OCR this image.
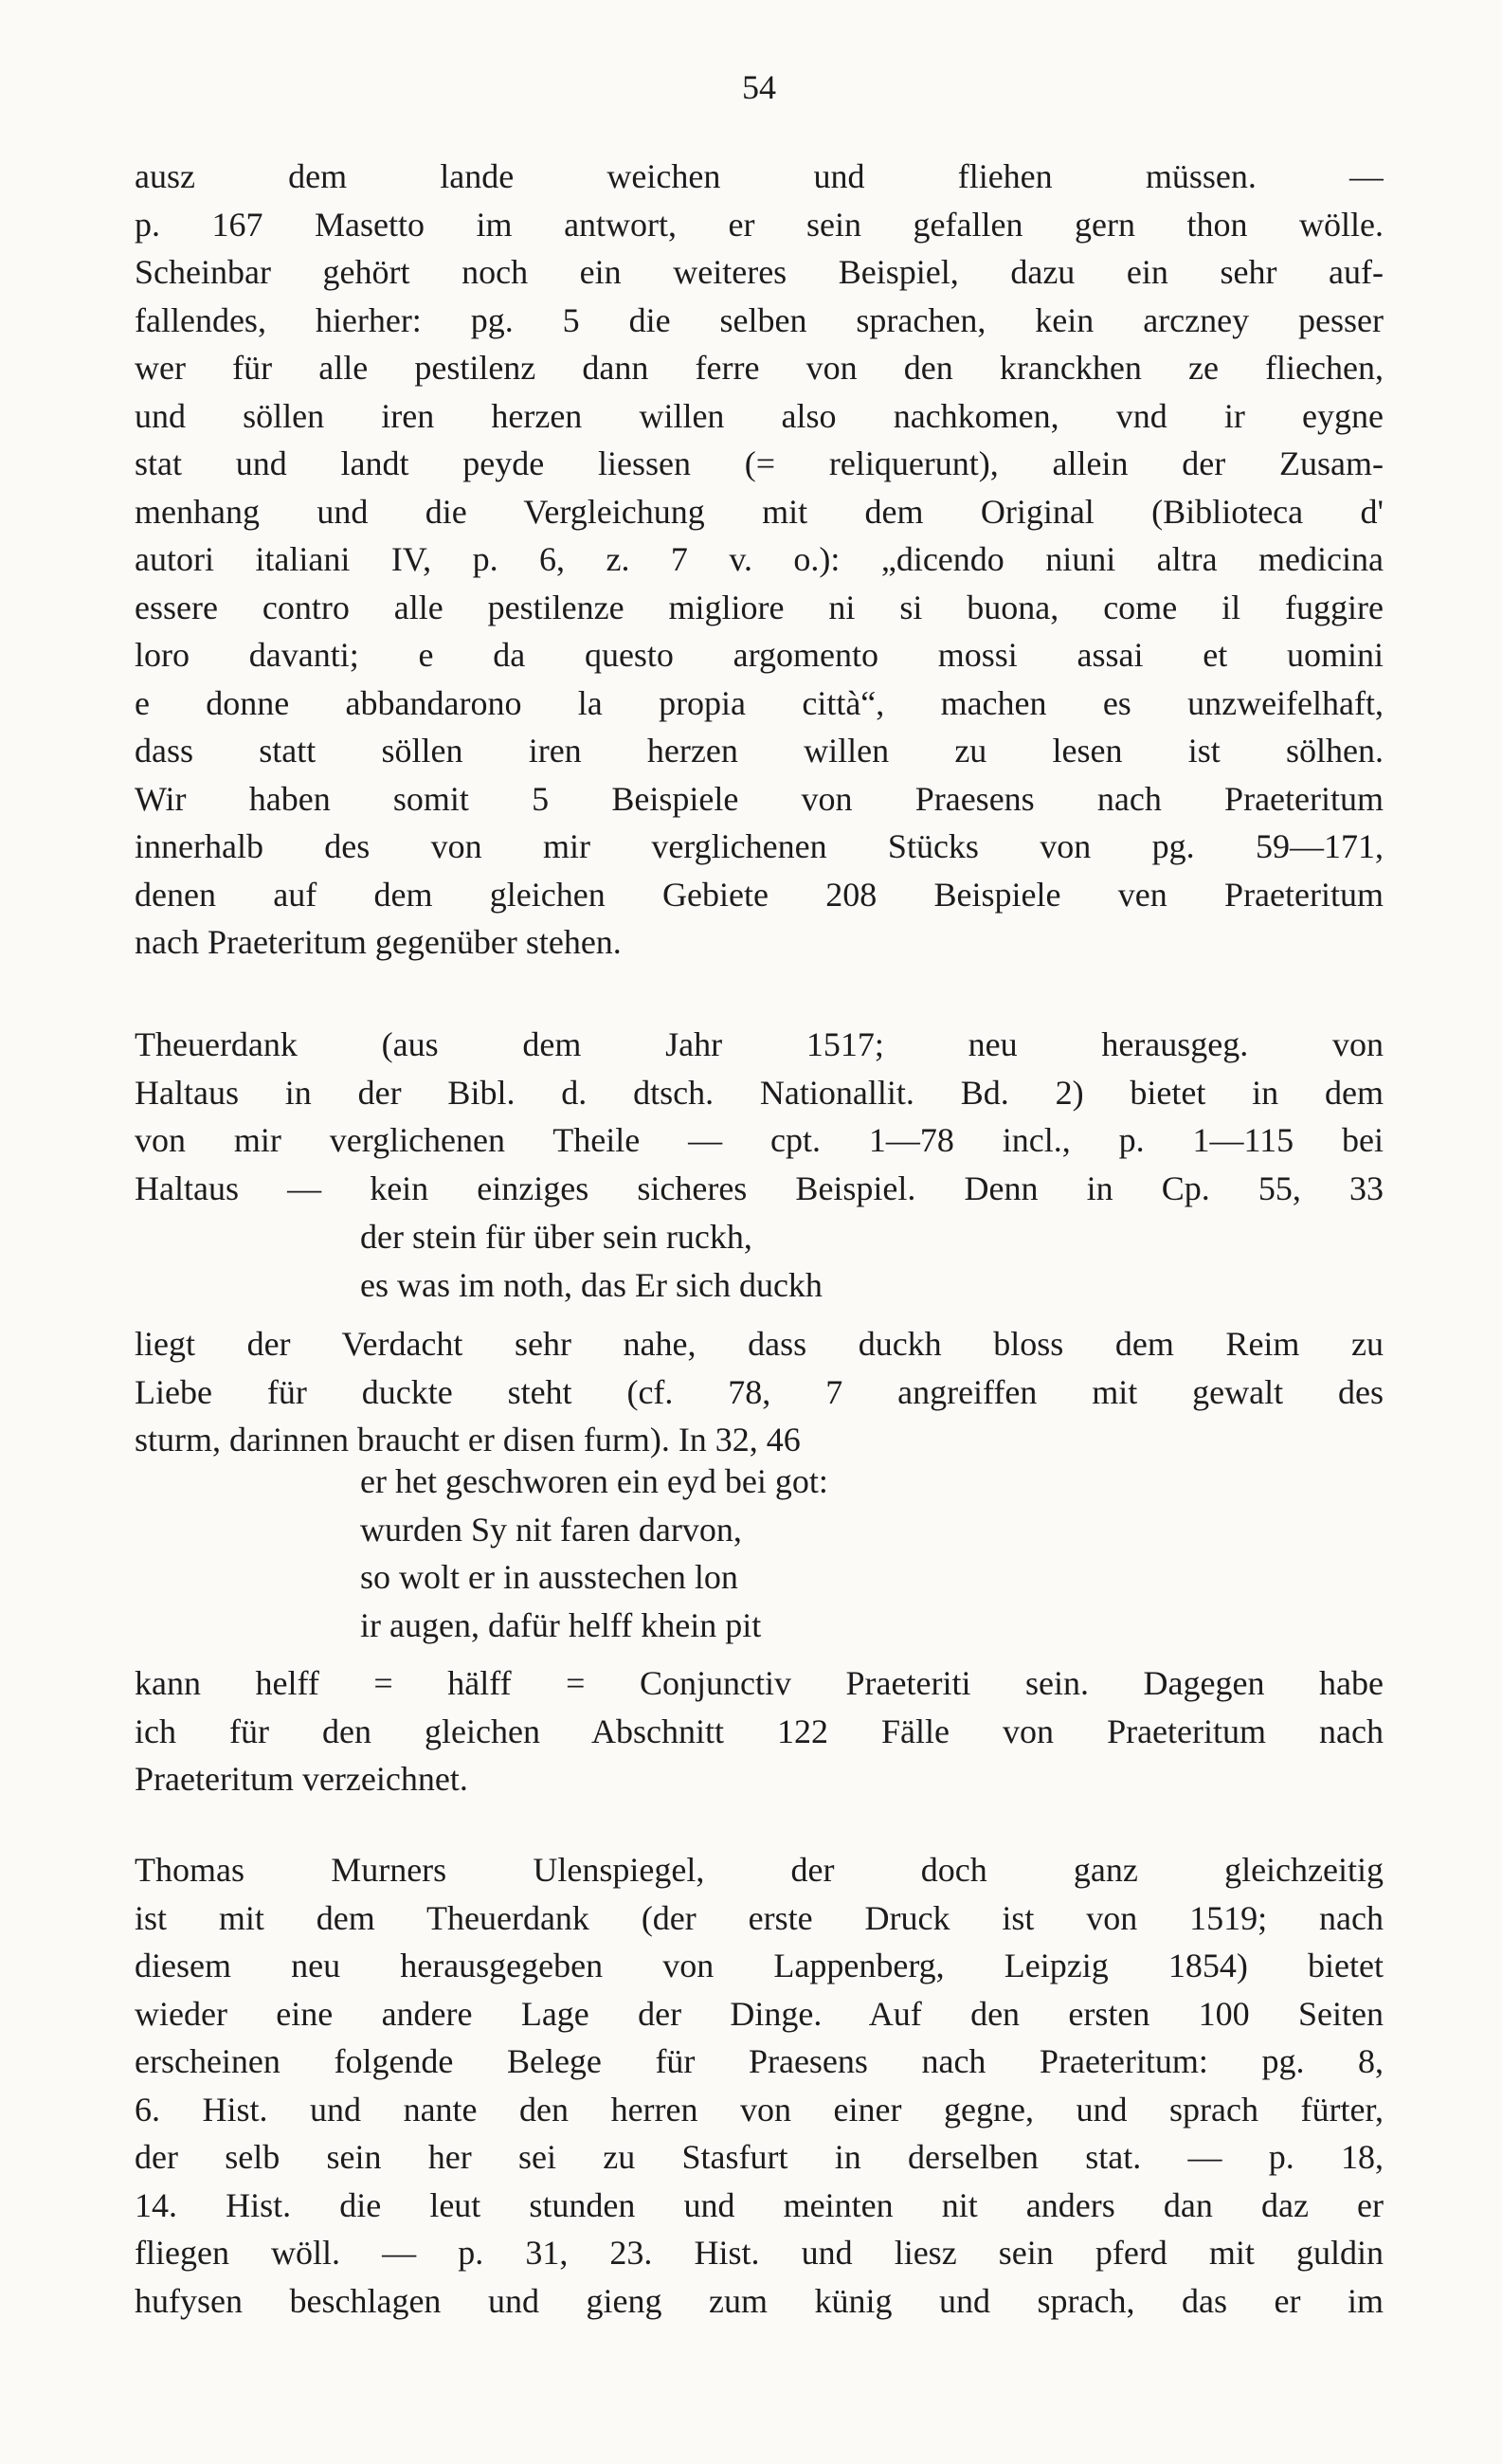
54
ausz dem lande weichen und fliehen müssen. —
p. 167 Masetto im antwort, er sein gefallen gern thon wölle.
Scheinbar gehört noch ein weiteres Beispiel, dazu ein sehr auf-
fallendes, hierher: pg. 5 die selben sprachen, kein arczney pesser
wer für alle pestilenz dann ferre von den kranckhen ze fliechen,
und söllen iren herzen willen also nachkomen, vnd ir eygne
stat und landt peyde liessen (= reliquerunt), allein der Zusam-
menhang und die Vergleichung mit dem Original (Biblioteca d'
autori italiani IV, p. 6, z. 7 v. o.): „dicendo niuni altra medicina
essere contro alle pestilenze migliore ni si buona, come il fuggire
loro davanti; e da questo argomento mossi assai et uomini
e donne abbandarono la propia città“, machen es unzweifelhaft,
dass statt söllen iren herzen willen zu lesen ist sölhen.
Wir haben somit 5 Beispiele von Praesens nach Praeteritum
innerhalb des von mir verglichenen Stücks von pg. 59—171,
denen auf dem gleichen Gebiete 208 Beispiele ven Praeteritum
nach Praeteritum gegenüber stehen.
Theuerdank (aus dem Jahr 1517; neu herausgeg. von
Haltaus in der Bibl. d. dtsch. Nationallit. Bd. 2) bietet in dem
von mir verglichenen Theile — cpt. 1—78 incl., p. 1—115 bei
Haltaus — kein einziges sicheres Beispiel. Denn in Cp. 55, 33
der stein für über sein ruckh,
es was im noth, das Er sich duckh
liegt der Verdacht sehr nahe, dass duckh bloss dem Reim zu
Liebe für duckte steht (cf. 78, 7 angreiffen mit gewalt des
sturm, darinnen braucht er disen furm). In 32, 46
er het geschworen ein eyd bei got:
wurden Sy nit faren darvon,
so wolt er in ausstechen lon
ir augen, dafür helff khein pit
kann helff = hälff = Conjunctiv Praeteriti sein. Dagegen habe
ich für den gleichen Abschnitt 122 Fälle von Praeteritum nach
Praeteritum verzeichnet.
Thomas Murners Ulenspiegel, der doch ganz gleichzeitig
ist mit dem Theuerdank (der erste Druck ist von 1519; nach
diesem neu herausgegeben von Lappenberg, Leipzig 1854) bietet
wieder eine andere Lage der Dinge. Auf den ersten 100 Seiten
erscheinen folgende Belege für Praesens nach Praeteritum: pg. 8,
6. Hist. und nante den herren von einer gegne, und sprach fürter,
der selb sein her sei zu Stasfurt in derselben stat. — p. 18,
14. Hist. die leut stunden und meinten nit anders dan daz er
fliegen wöll. — p. 31, 23. Hist. und liesz sein pferd mit guldin
hufysen beschlagen und gieng zum künig und sprach, das er im
